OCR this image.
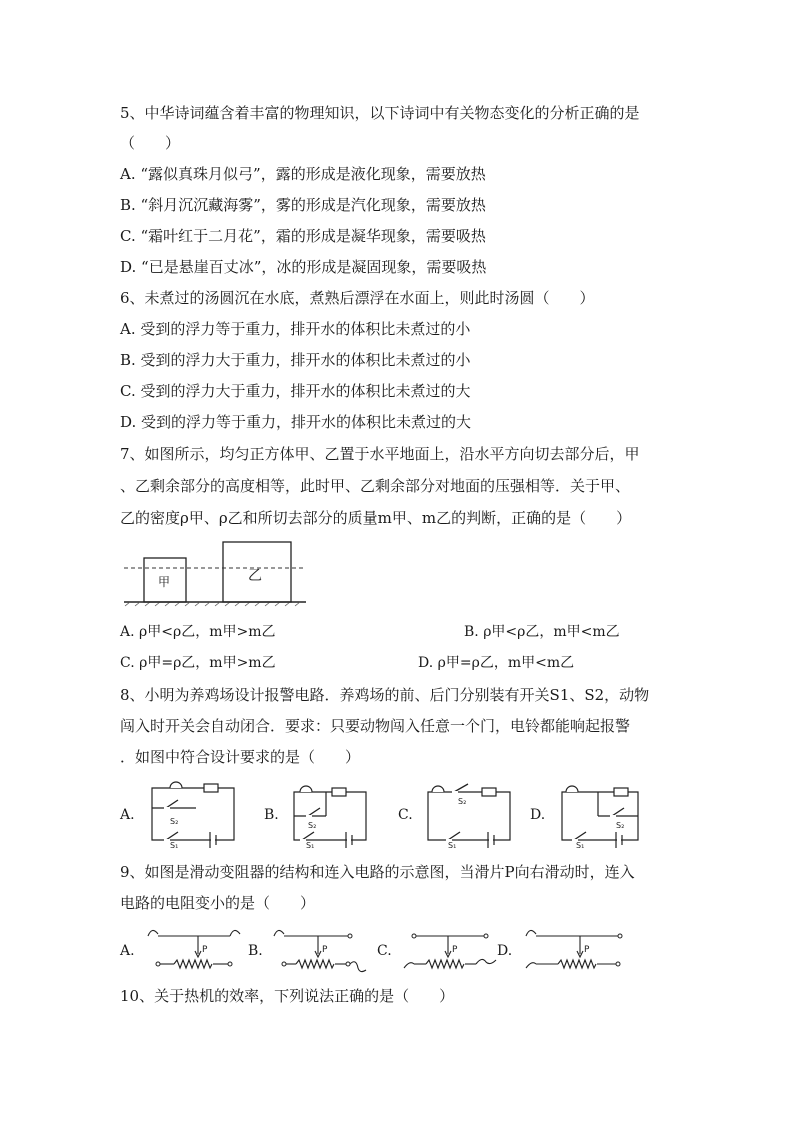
5、中华诗词蕴含着丰富的物理知识，以下诗词中有关物态变化的分析正确的是
（　　）
A. “露似真珠月似弓”，露的形成是液化现象，需要放热
B. “斜月沉沉藏海雾”，雾的形成是汽化现象，需要放热
C. “霜叶红于二月花”，霜的形成是凝华现象，需要吸热
D. “已是悬崖百丈冰”，冰的形成是凝固现象，需要吸热
6、未煮过的汤圆沉在水底，煮熟后漂浮在水面上，则此时汤圆（　　）
A. 受到的浮力等于重力，排开水的体积比未煮过的小
B. 受到的浮力大于重力，排开水的体积比未煮过的小
C. 受到的浮力大于重力，排开水的体积比未煮过的大
D. 受到的浮力等于重力，排开水的体积比未煮过的大
7、如图所示，均匀正方体甲、乙置于水平地面上，沿水平方向切去部分后，甲
、乙剩余部分的高度相等，此时甲、乙剩余部分对地面的压强相等．关于甲、
乙的密度ρ甲、ρ乙和所切去部分的质量m甲、m乙的判断，正确的是（　　）
甲	乙
A. ρ甲<ρ乙，m甲>m乙	B. ρ甲<ρ乙，m甲<m乙
C. ρ甲=ρ乙，m甲>m乙	D. ρ甲=ρ乙，m甲<m乙
8、小明为养鸡场设计报警电路．养鸡场的前、后门分别装有开关S1、S2，动物
闯入时开关会自动闭合．要求：只要动物闯入任意一个门，电铃都能响起报警
．如图中符合设计要求的是（　　）
A.	S₂
S₁
B.
S₂
S₁
C.
S₂
S₁
D.
S₂
S₁
9、如图是滑动变阻器的结构和连入电路的示意图，当滑片P向右滑动时，连入
电路的电阻变小的是（　　）
A.	P	B.	P	C.	P	D.	P
10、关于热机的效率，下列说法正确的是（　　）
